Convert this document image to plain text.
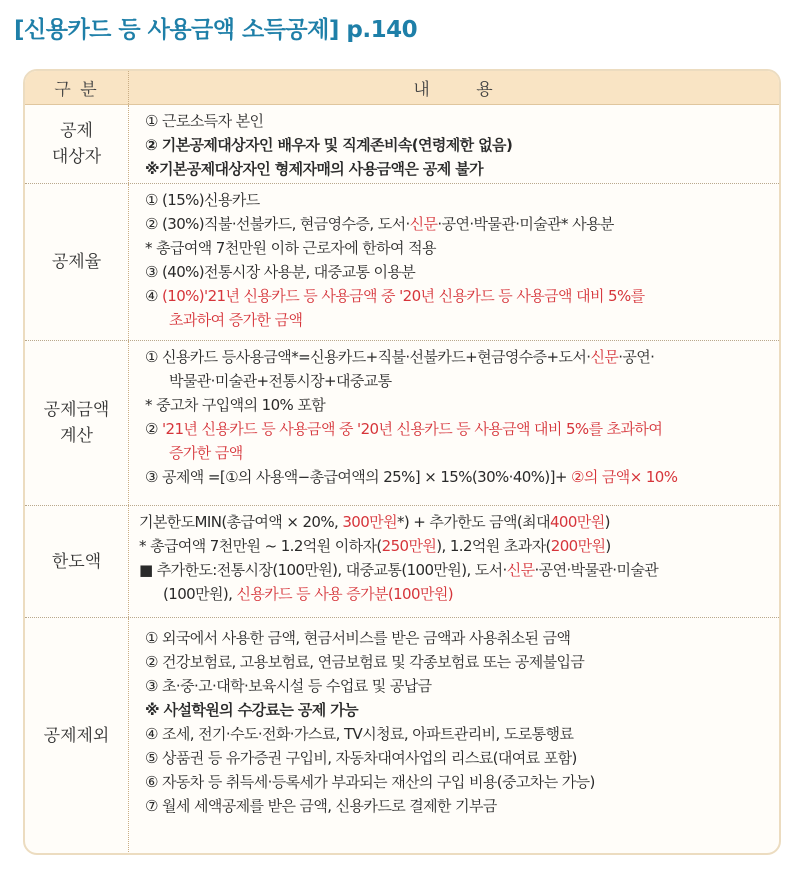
[신용카드 등 사용금액 소득공제] p.140
구 분	내      용
공제
대상자
① 근로소득자 본인
② 기본공제대상자인 배우자 및 직계존비속(연령제한 없음)
※기본공제대상자인 형제자매의 사용금액은 공제 불가
공제율
① (15%)신용카드
② (30%)직불·선불카드, 현금영수증, 도서·신문·공연·박물관·미술관* 사용분
* 총급여액 7천만원 이하 근로자에 한하여 적용
③ (40%)전통시장 사용분, 대중교통 이용분
④ (10%)'21년 신용카드 등 사용금액 중 '20년 신용카드 등 사용금액 대비 5%를
초과하여 증가한 금액
공제금액
계산
① 신용카드 등사용금액*=신용카드+직불·선불카드+현금영수증+도서·신문·공연·
박물관·미술관+전통시장+대중교통
* 중고차 구입액의 10% 포함
② '21년 신용카드 등 사용금액 중 '20년 신용카드 등 사용금액 대비 5%를 초과하여
증가한 금액
③ 공제액 =[①의 사용액−총급여액의 25%] × 15%(30%·40%)]+ ②의 금액× 10%
한도액
기본한도MIN(총급여액 × 20%, 300만원*) + 추가한도 금액(최대400만원)
* 총급여액 7천만원 ~ 1.2억원 이하자(250만원), 1.2억원 초과자(200만원)
■ 추가한도:전통시장(100만원), 대중교통(100만원), 도서·신문·공연·박물관·미술관
(100만원), 신용카드 등 사용 증가분(100만원)
공제제외
① 외국에서 사용한 금액, 현금서비스를 받은 금액과 사용취소된 금액
② 건강보험료, 고용보험료, 연금보험료 및 각종보험료 또는 공제불입금
③ 초·중·고·대학·보육시설 등 수업료 및 공납금
※ 사설학원의 수강료는 공제 가능
④ 조세, 전기·수도·전화·가스료, TV시청료, 아파트관리비, 도로통행료
⑤ 상품권 등 유가증권 구입비, 자동차대여사업의 리스료(대여료 포함)
⑥ 자동차 등 취득세·등록세가 부과되는 재산의 구입 비용(중고차는 가능)
⑦ 월세 세액공제를 받은 금액, 신용카드로 결제한 기부금
